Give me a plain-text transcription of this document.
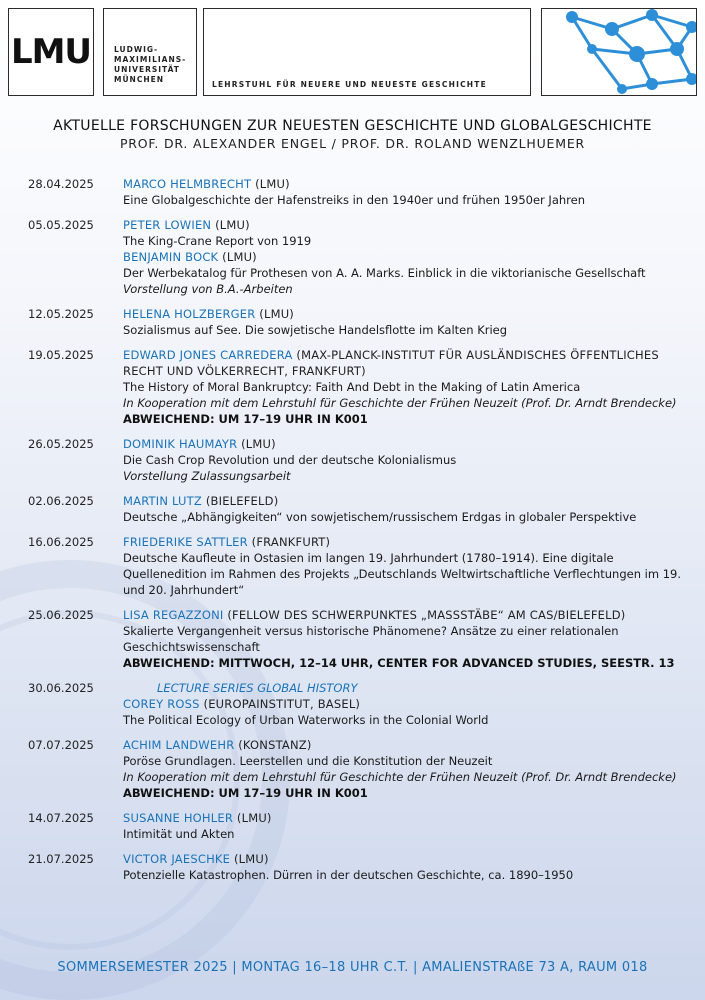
LMU	LUDWIG-
MAXIMILIANS-
UNIVERSITÄT
MÜNCHEN
LEHRSTUHL FÜR NEUERE UND NEUESTE GESCHICHTE
AKTUELLE FORSCHUNGEN ZUR NEUESTEN GESCHICHTE UND GLOBALGESCHICHTE
PROF. DR. ALEXANDER ENGEL / PROF. DR. ROLAND WENZLHUEMER
28.04.2025	MARCO HELMBRECHT (LMU)
Eine Globalgeschichte der Hafenstreiks in den 1940er und frühen 1950er Jahren
05.05.2025	PETER LOWIEN (LMU)
The King-Crane Report von 1919
BENJAMIN BOCK (LMU)
Der Werbekatalog für Prothesen von A. A. Marks. Einblick in die viktorianische Gesellschaft
Vorstellung von B.A.-Arbeiten
12.05.2025	HELENA HOLZBERGER (LMU)
Sozialismus auf See. Die sowjetische Handelsflotte im Kalten Krieg
19.05.2025	EDWARD JONES CARREDERA (MAX-PLANCK-INSTITUT FÜR AUSLÄNDISCHES ÖFFENTLICHES RECHT UND VÖLKERRECHT, FRANKFURT)
The History of Moral Bankruptcy: Faith And Debt in the Making of Latin America
In Kooperation mit dem Lehrstuhl für Geschichte der Frühen Neuzeit (Prof. Dr. Arndt Brendecke)
ABWEICHEND: UM 17–19 UHR IN K001
26.05.2025	DOMINIK HAUMAYR (LMU)
Die Cash Crop Revolution und der deutsche Kolonialismus
Vorstellung Zulassungsarbeit
02.06.2025	MARTIN LUTZ (BIELEFELD)
Deutsche „Abhängigkeiten“ von sowjetischem/russischem Erdgas in globaler Perspektive
16.06.2025	FRIEDERIKE SATTLER (FRANKFURT)
Deutsche Kaufleute in Ostasien im langen 19. Jahrhundert (1780–1914). Eine digitale Quellenedition im Rahmen des Projekts „Deutschlands Weltwirtschaftliche Verflechtungen im 19. und 20. Jahrhundert“
25.06.2025	LISA REGAZZONI (FELLOW DES SCHWERPUNKTES „MASSSTÄBE“ AM CAS/BIELEFELD)
Skalierte Vergangenheit versus historische Phänomene? Ansätze zu einer relationalen Geschichtswissenschaft
ABWEICHEND: MITTWOCH, 12–14 UHR, CENTER FOR ADVANCED STUDIES, SEESTR. 13
30.06.2025	LECTURE SERIES GLOBAL HISTORY
COREY ROSS (EUROPAINSTITUT, BASEL)
The Political Ecology of Urban Waterworks in the Colonial World
07.07.2025	ACHIM LANDWEHR (KONSTANZ)
Poröse Grundlagen. Leerstellen und die Konstitution der Neuzeit
In Kooperation mit dem Lehrstuhl für Geschichte der Frühen Neuzeit (Prof. Dr. Arndt Brendecke)
ABWEICHEND: UM 17–19 UHR IN K001
14.07.2025	SUSANNE HOHLER (LMU)
Intimität und Akten
21.07.2025	VICTOR JAESCHKE (LMU)
Potenzielle Katastrophen. Dürren in der deutschen Geschichte, ca. 1890–1950
SOMMERSEMESTER 2025 | MONTAG 16–18 UHR C.T. | AMALIENSTRAßE 73 A, RAUM 018
